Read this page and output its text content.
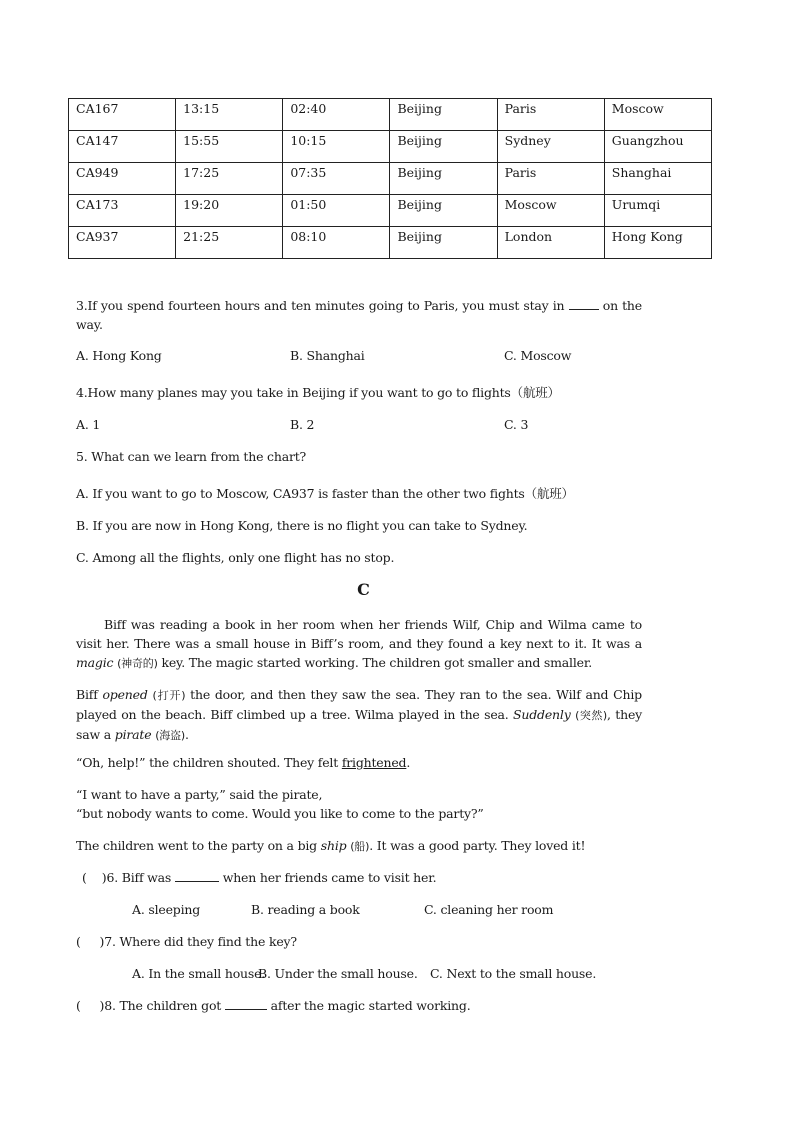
CA167	13:15	02:40	Beijing	Paris	Moscow
CA147	15:55	10:15	Beijing	Sydney	Guangzhou
CA949	17:25	07:35	Beijing	Paris	Shanghai
CA173	19:20	01:50	Beijing	Moscow	Urumqi
CA937	21:25	08:10	Beijing	London	Hong Kong
3.If you spend fourteen hours and ten minutes going to Paris, you must stay in	on the way.
A. Hong Kong	B. Shanghai	C. Moscow
4.How many planes may you take in Beijing if you want to go to flights（航班）
A. 1	B. 2	C. 3
5. What can we learn from the chart?
A. If you want to go to Moscow, CA937 is faster than the other two fights（航班）
B. If you are now in Hong Kong, there is no flight you can take to Sydney.
C. Among all the flights, only one flight has no stop.
C
Biff was reading a book in her room when her friends Wilf, Chip and Wilma came to visit her. There was a small house in Biff’s room, and they found a key next to it. It was a magic (神奇的) key. The magic started working. The children got smaller and smaller.
Biff opened (打开) the door, and then they saw the sea. They ran to the sea. Wilf and Chip played on the beach. Biff climbed up a tree. Wilma played in the sea. Suddenly (突然), they saw a pirate (海盗).
“Oh, help!” the children shouted. They felt frightened.
“I want to have a party,” said the pirate,
“but nobody wants to come. Would you like to come to the party?”
The children went to the party on a big ship (船). It was a good party. They loved it!
(    )6. Biff was	when her friends came to visit her.
A. sleeping	B. reading a book	C. cleaning her room
(     )7. Where did they find the key?
A. In the small house.
B. Under the small house. C. Next to the small house.
(     )8. The children got	after the magic started working.
